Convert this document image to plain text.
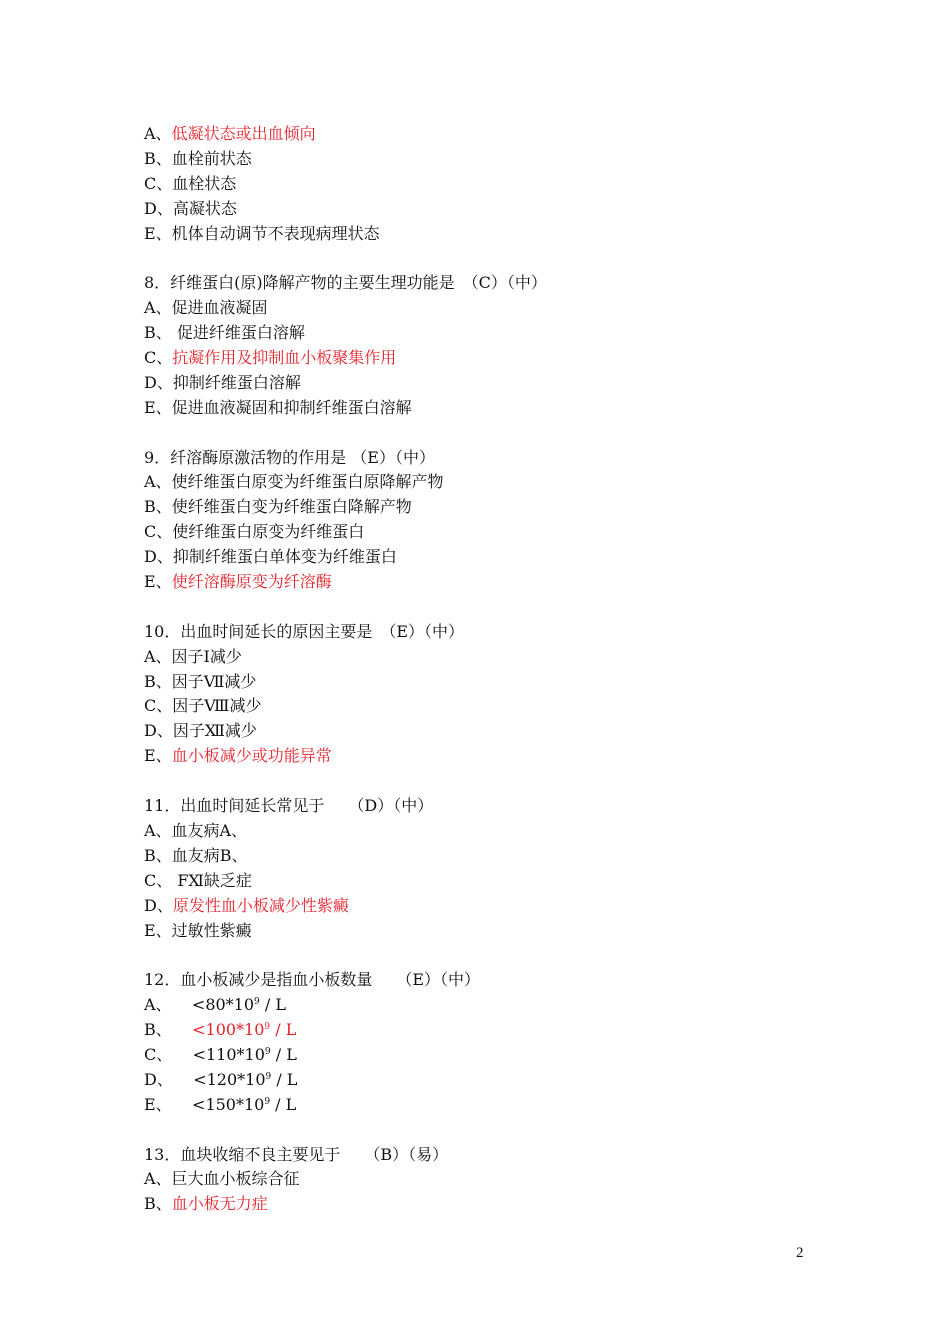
A、低凝状态或出血倾向
B、血栓前状态
C、血栓状态
D、高凝状态
E、机体自动调节不表现病理状态
8．纤维蛋白(原)降解产物的主要生理功能是　（C）（中）
A、促进血液凝固
B、 促进纤维蛋白溶解
C、抗凝作用及抑制血小板聚集作用
D、抑制纤维蛋白溶解
E、促进血液凝固和抑制纤维蛋白溶解
9．纤溶酶原激活物的作用是 （E）（中）
A、使纤维蛋白原变为纤维蛋白原降解产物
B、使纤维蛋白变为纤维蛋白降解产物
C、使纤维蛋白原变为纤维蛋白
D、抑制纤维蛋白单体变为纤维蛋白
E、使纤溶酶原变为纤溶酶
10．出血时间延长的原因主要是　（E）（中）
A、因子I减少
B、因子Ⅶ减少
C、因子Ⅷ减少
D、因子Ⅻ减少
E、血小板减少或功能异常
11．出血时间延长常见于　　（D）（中）
A、血友病A、
B、血友病B、
C、 FⅪ缺乏症
D、原发性血小板减少性紫癜
E、过敏性紫癜
12．血小板减少是指血小板数量　　（E）（中）
A、 $<80*10^9 / L$
B、 $<100*10^9 / L$
C、 $<110*10^9 / L$
D、 $<120*10^9 / L$
E、 $<150*10^9 / L$
13．血块收缩不良主要见于　　（B）（易）
A、巨大血小板综合征
B、血小板无力症
2
